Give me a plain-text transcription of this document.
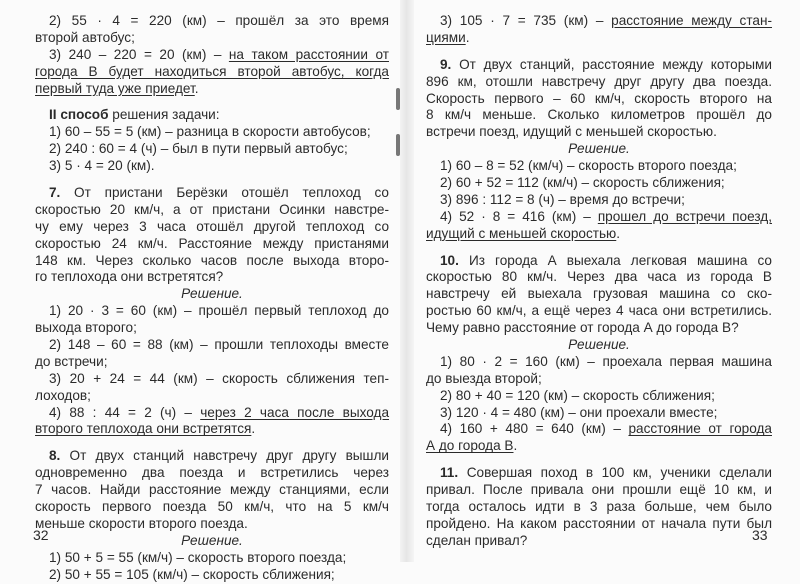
2) 55 · 4 = 220 (км) – прошёл за это время
второй автобус;
3) 240 – 220 = 20 (км) – на таком расстоянии от
города В будет находиться второй автобус, когда
первый туда уже приедет.
II способ решения задачи:
1) 60 – 55 = 5 (км) – разница в скорости автобусов;
2) 240 : 60 = 4 (ч) – был в пути первый автобус;
3) 5 · 4 = 20 (км).
7. От пристани Берёзки отошёл теплоход со
скоростью 20 км/ч, а от пристани Осинки навстре-
чу ему через 3 часа отошёл другой теплоход со
скоростью 24 км/ч. Расстояние между пристанями
148 км. Через сколько часов после выхода второ-
го теплохода они встретятся?
Решение.
1) 20 · 3 = 60 (км) – прошёл первый теплоход до
выхода второго;
2) 148 – 60 = 88 (км) – прошли теплоходы вместе
до встречи;
3) 20 + 24 = 44 (км) – скорость сближения теп-
лоходов;
4) 88 : 44 = 2 (ч) – через 2 часа после выхода
второго теплохода они встретятся.
8. От двух станций навстречу друг другу вышли
одновременно два поезда и встретились через
7 часов. Найди расстояние между станциями, если
скорость первого поезда 50 км/ч, что на 5 км/ч
меньше скорости второго поезда.
Решение.
1) 50 + 5 = 55 (км/ч) – скорость второго поезда;
2) 50 + 55 = 105 (км/ч) – скорость сближения;
3) 105 · 7 = 735 (км) – расстояние между стан-
циями.
9. От двух станций, расстояние между которыми
896 км, отошли навстречу друг другу два поезда.
Скорость первого – 60 км/ч, скорость второго на
8 км/ч меньше. Сколько километров прошёл до
встречи поезд, идущий с меньшей скоростью.
Решение.
1) 60 – 8 = 52 (км/ч) – скорость второго поезда;
2) 60 + 52 = 112 (км/ч) – скорость сближения;
3) 896 : 112 = 8 (ч) – время до встречи;
4) 52 · 8 = 416 (км) – прошел до встречи поезд,
идущий с меньшей скоростью.
10. Из города А выехала легковая машина со
скоростью 80 км/ч. Через два часа из города В
навстречу ей выехала грузовая машина со ско-
ростью 60 км/ч, а ещё через 4 часа они встретились.
Чему равно расстояние от города А до города В?
Решение.
1) 80 · 2 = 160 (км) – проехала первая машина
до выезда второй;
2) 80 + 40 = 120 (км) – скорость сближения;
3) 120 · 4 = 480 (км) – они проехали вместе;
4) 160 + 480 = 640 (км) – расстояние от города
А до города В.
11. Совершая поход в 100 км, ученики сделали
привал. После привала они прошли ещё 10 км, и
тогда осталось идти в 3 раза больше, чем было
пройдено. На каком расстоянии от начала пути был
сделан привал?
32	33
